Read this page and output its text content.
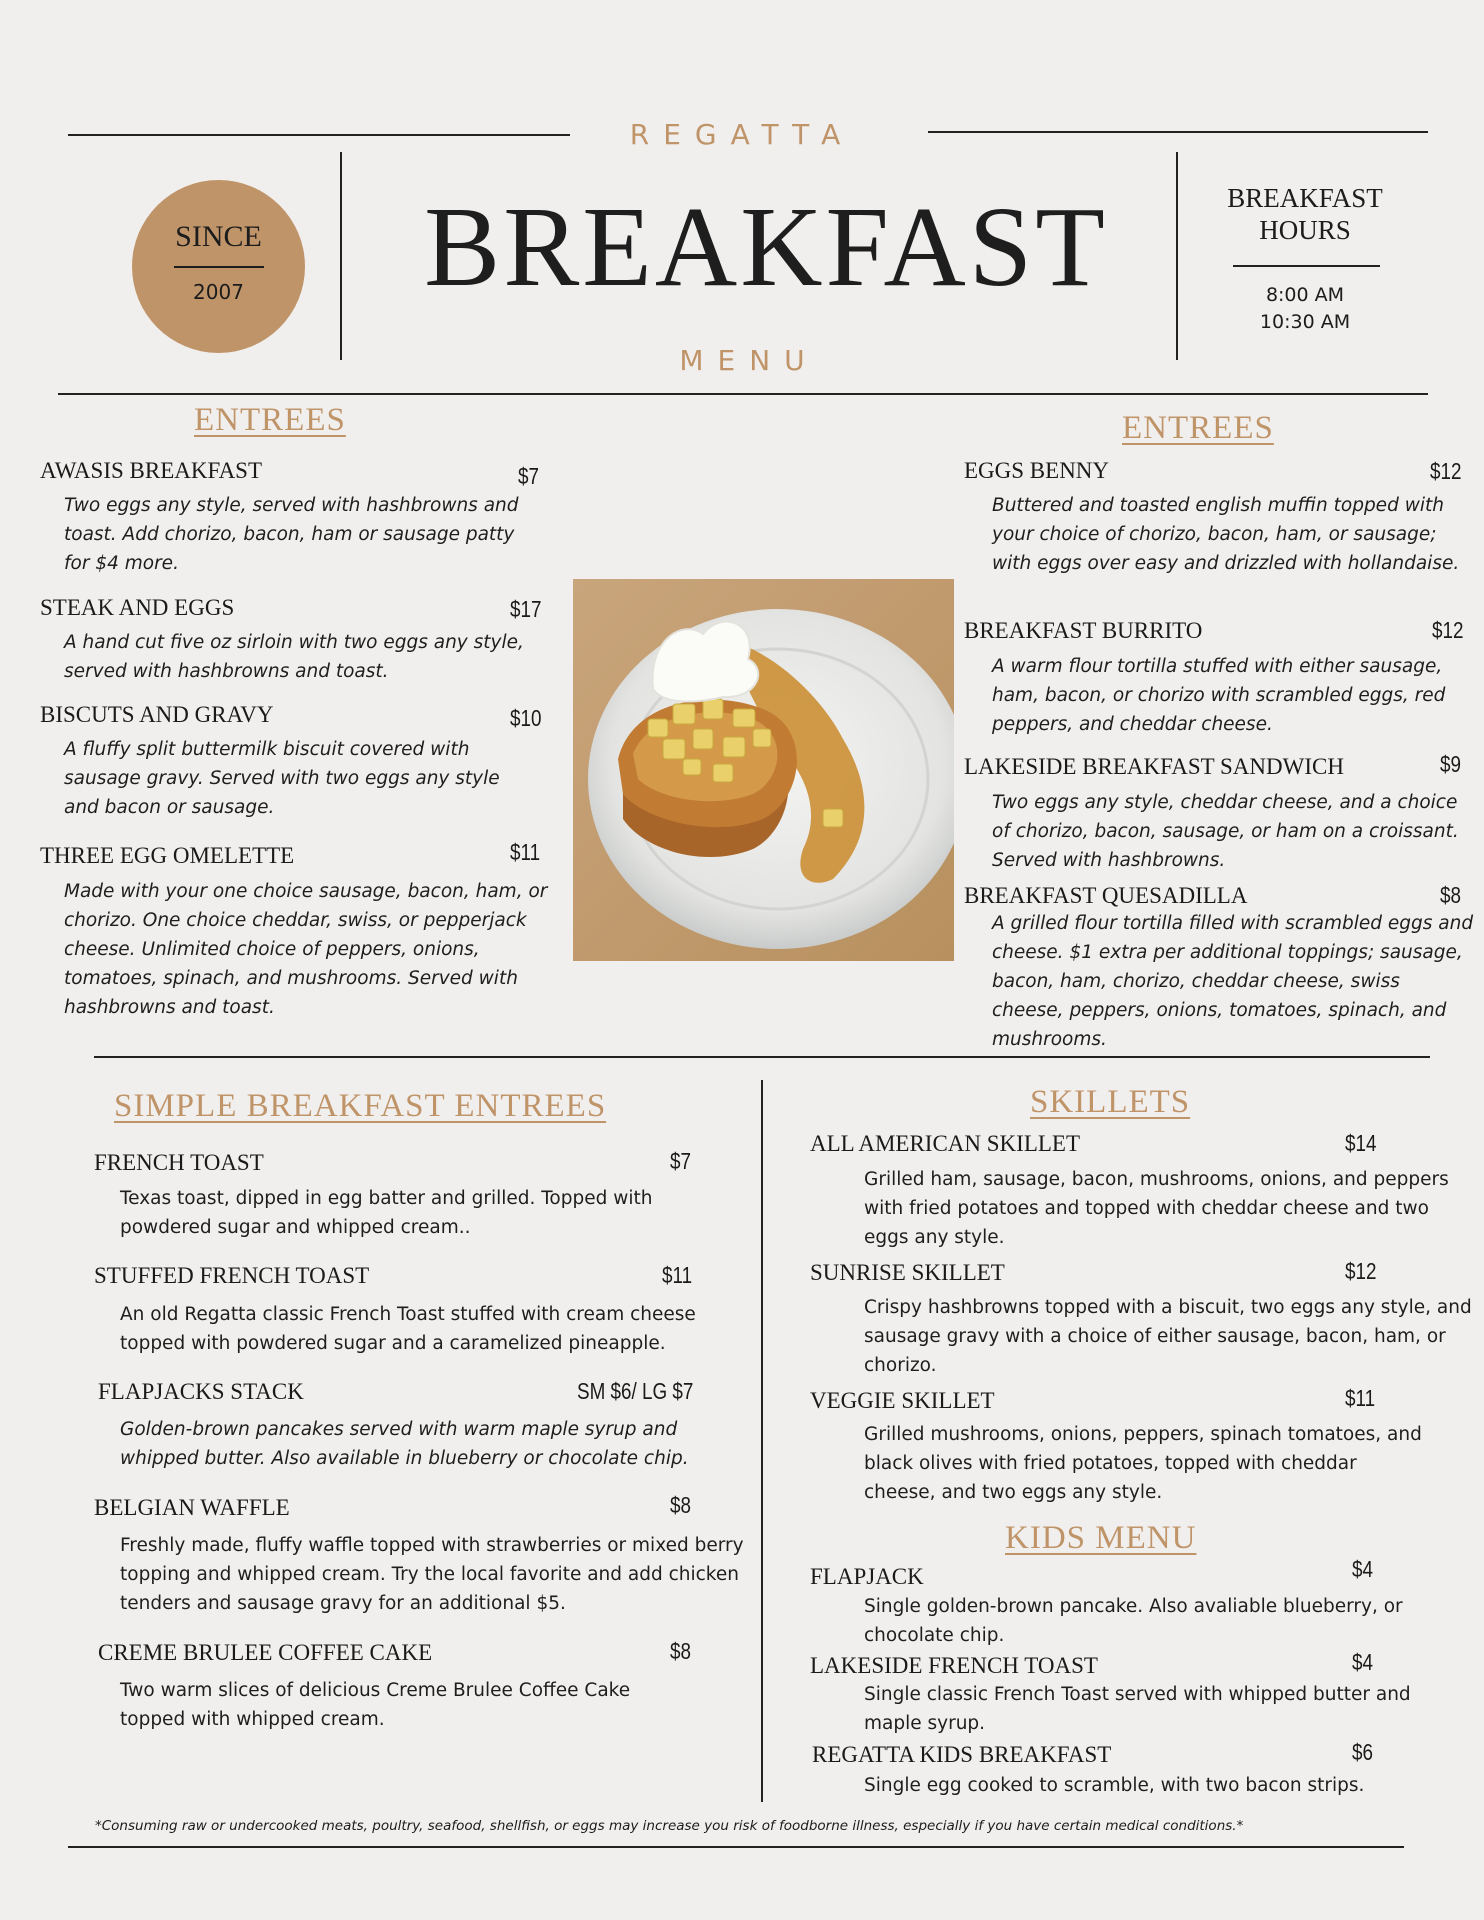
REGATTA
SINCE
2007	BREAKFAST	BREAKFAST HOURS
8:00 AM
10:30 AM
MENU
ENTREES
AWASIS BREAKFAST	$7
Two eggs any style, served with hashbrowns and toast. Add chorizo, bacon, ham or sausage patty for $4 more.
STEAK AND EGGS	$17
A hand cut five oz sirloin with two eggs any style, served with hashbrowns and toast.
BISCUTS AND GRAVY	$10
A fluffy split buttermilk biscuit covered with sausage gravy. Served with two eggs any style and bacon or sausage.
THREE EGG OMELETTE	$11
Made with your one choice sausage, bacon, ham, or chorizo. One choice cheddar, swiss, or pepperjack cheese. Unlimited choice of peppers, onions, tomatoes, spinach, and mushrooms. Served with hashbrowns and toast.
ENTREES
EGGS BENNY	$12
Buttered and toasted english muffin topped with your choice of chorizo, bacon, ham, or sausage; with eggs over easy and drizzled with hollandaise.
BREAKFAST BURRITO	$12
A warm flour tortilla stuffed with either sausage, ham, bacon, or chorizo with scrambled eggs, red peppers, and cheddar cheese.
LAKESIDE BREAKFAST SANDWICH	$9
Two eggs any style, cheddar cheese, and a choice of chorizo, bacon, sausage, or ham on a croissant. Served with hashbrowns.
BREAKFAST QUESADILLA	$8
A grilled flour tortilla filled with scrambled eggs and cheese. $1 extra per additional toppings; sausage, bacon, ham, chorizo, cheddar cheese, swiss cheese, peppers, onions, tomatoes, spinach, and mushrooms.
SIMPLE BREAKFAST ENTREES
FRENCH TOAST	$7
Texas toast, dipped in egg batter and grilled. Topped with powdered sugar and whipped cream..
STUFFED FRENCH TOAST	$11
An old Regatta classic French Toast stuffed with cream cheese topped with powdered sugar and a caramelized pineapple.
FLAPJACKS STACK	SM $6/ LG $7
Golden-brown pancakes served with warm maple syrup and whipped butter. Also available in blueberry or chocolate chip.
BELGIAN WAFFLE	$8
Freshly made, fluffy waffle topped with strawberries or mixed berry topping and whipped cream. Try the local favorite and add chicken tenders and sausage gravy for an additional $5.
CREME BRULEE COFFEE CAKE	$8
Two warm slices of delicious Creme Brulee Coffee Cake topped with whipped cream.
SKILLETS
ALL AMERICAN SKILLET	$14
Grilled ham, sausage, bacon, mushrooms, onions, and peppers with fried potatoes and topped with cheddar cheese and two eggs any style.
SUNRISE SKILLET	$12
Crispy hashbrowns topped with a biscuit, two eggs any style, and sausage gravy with a choice of either sausage, bacon, ham, or chorizo.
VEGGIE SKILLET	$11
Grilled mushrooms, onions, peppers, spinach tomatoes, and black olives with fried potatoes, topped with cheddar cheese, and two eggs any style.
KIDS MENU
FLAPJACK	$4
Single golden-brown pancake. Also avaliable blueberry, or chocolate chip.
LAKESIDE FRENCH TOAST	$4
Single classic French Toast served with whipped butter and maple syrup.
REGATTA KIDS BREAKFAST	$6
Single egg cooked to scramble, with two bacon strips.
*Consuming raw or undercooked meats, poultry, seafood, shellfish, or eggs may increase you risk of foodborne illness, especially if you have certain medical conditions.*
